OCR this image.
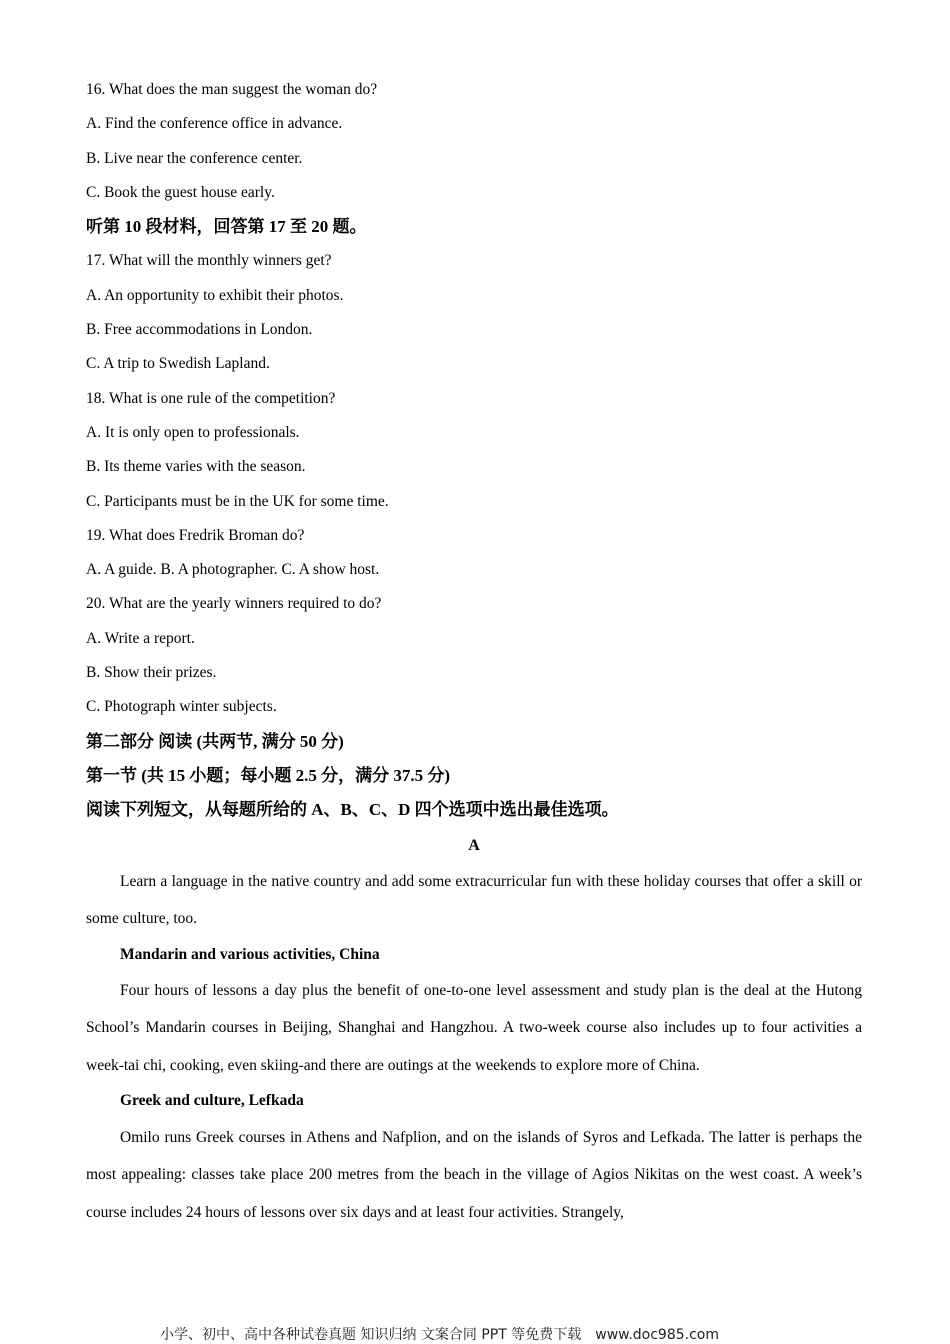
16. What does the man suggest the woman do?
A. Find the conference office in advance.
B. Live near the conference center.
C. Book the guest house early.
听第 10 段材料，回答第 17 至 20 题。
17. What will the monthly winners get?
A. An opportunity to exhibit their photos.
B. Free accommodations in London.
C. A trip to Swedish Lapland.
18. What is one rule of the competition?
A. It is only open to professionals.
B. Its theme varies with the season.
C. Participants must be in the UK for some time.
19. What does Fredrik Broman do?
A. A guide. B. A photographer. C. A show host.
20. What are the yearly winners required to do?
A. Write a report.
B. Show their prizes.
C. Photograph winter subjects.
第二部分 阅读 (共两节, 满分 50 分)
第一节 (共 15 小题；每小题 2.5 分，满分 37.5 分)
阅读下列短文，从每题所给的 A、B、C、D 四个选项中选出最佳选项。
A

Learn a language in the native country and add some extracurricular fun with these holiday courses that offer a skill or some culture, too.

Mandarin and various activities, China

Four hours of lessons a day plus the benefit of one-to-one level assessment and study plan is the deal at the Hutong School’s Mandarin courses in Beijing, Shanghai and Hangzhou. A two-week course also includes up to four activities a week-tai chi, cooking, even skiing-and there are outings at the weekends to explore more of China.

Greek and culture, Lefkada

Omilo runs Greek courses in Athens and Nafplion, and on the islands of Syros and Lefkada. The latter is perhaps the most appealing: classes take place 200 metres from the beach in the village of Agios Nikitas on the west coast. A week’s course includes 24 hours of lessons over six days and at least four activities. Strangely,

小学、初中、高中各种试卷真题 知识归纳 文案合同 PPT 等免费下载 www.doc985.com
